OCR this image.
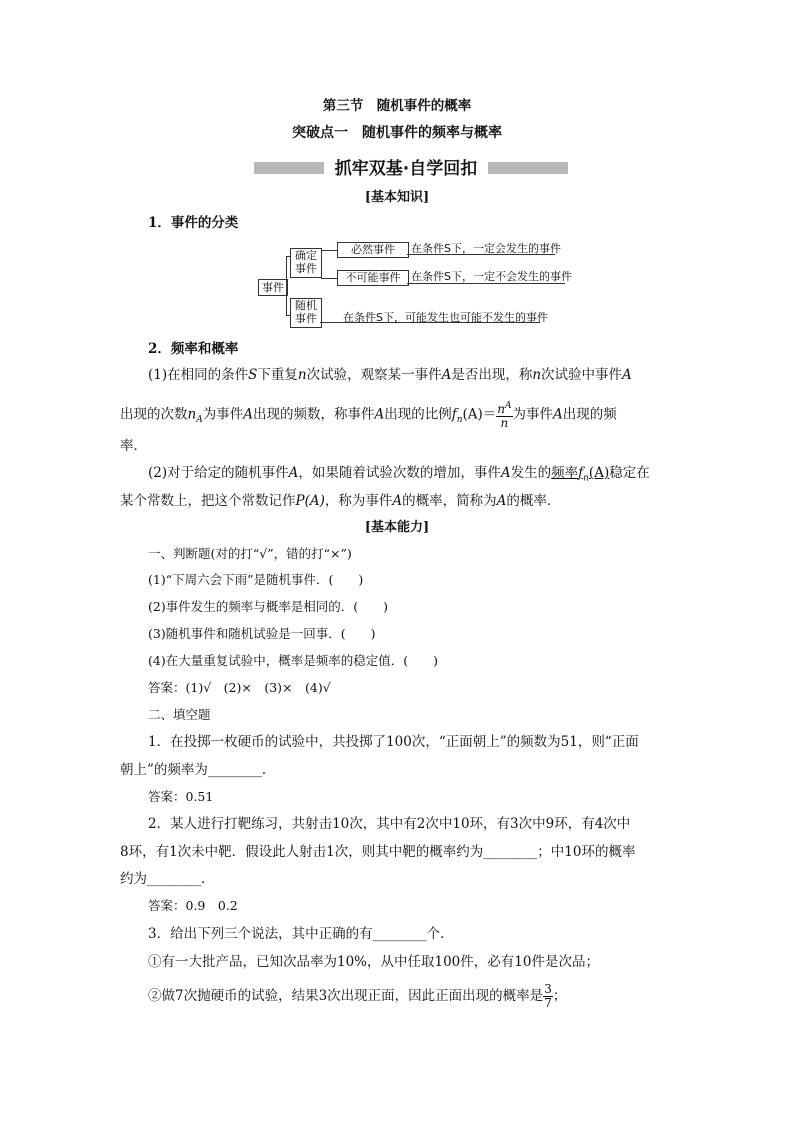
第三节　随机事件的概率
突破点一　随机事件的频率与概率
抓牢双基·自学回扣
[基本知识]
1．事件的分类
事件
确定
事件
必然事件	在条件S下，一定会发生的事件
不可能事件 在条件S下，一定不会发生的事件
随机
事件	在条件S下，可能发生也可能不发生的事件
2．频率和概率
(1)在相同的条件S下重复n次试验，观察某一事件A是否出现，称n次试验中事件A
出现的次数$n_A$为事件A出现的频数，称事件A出现的比例$f_n(A)= \frac{n^A}{n}$ 为事件A出现的频
率．
(2)对于给定的随机事件A，如果随着试验次数的增加，事件A发生的频率$f_n(A)$稳定在
某个常数上，把这个常数记作P(A)，称为事件A的概率，简称为A的概率．
[基本能力]
一、判断题(对的打“√”，错的打“×”)
(1)“下周六会下雨”是随机事件．(　　)
(2)事件发生的频率与概率是相同的．(　　)
(3)随机事件和随机试验是一回事．(　　)
(4)在大量重复试验中，概率是频率的稳定值．(　　)
答案：(1)√　(2)×　(3)×　(4)√
二、填空题
1．在投掷一枚硬币的试验中，共投掷了100次，“正面朝上”的频数为51，则“正面
朝上”的频率为________．
答案：0.51
2．某人进行打靶练习，共射击10次，其中有2次中10环，有3次中9环，有4次中
8环，有1次未中靶．假设此人射击1次，则其中靶的概率约为________；中10环的概率
约为________．
答案：0.9　0.2
3．给出下列三个说法，其中正确的有________个．
①有一大批产品，已知次品率为10%，从中任取100件，必有10件是次品；
②做7次抛硬币的试验，结果3次出现正面，因此正面出现的概率是 $\frac{3}{7}$ ；
